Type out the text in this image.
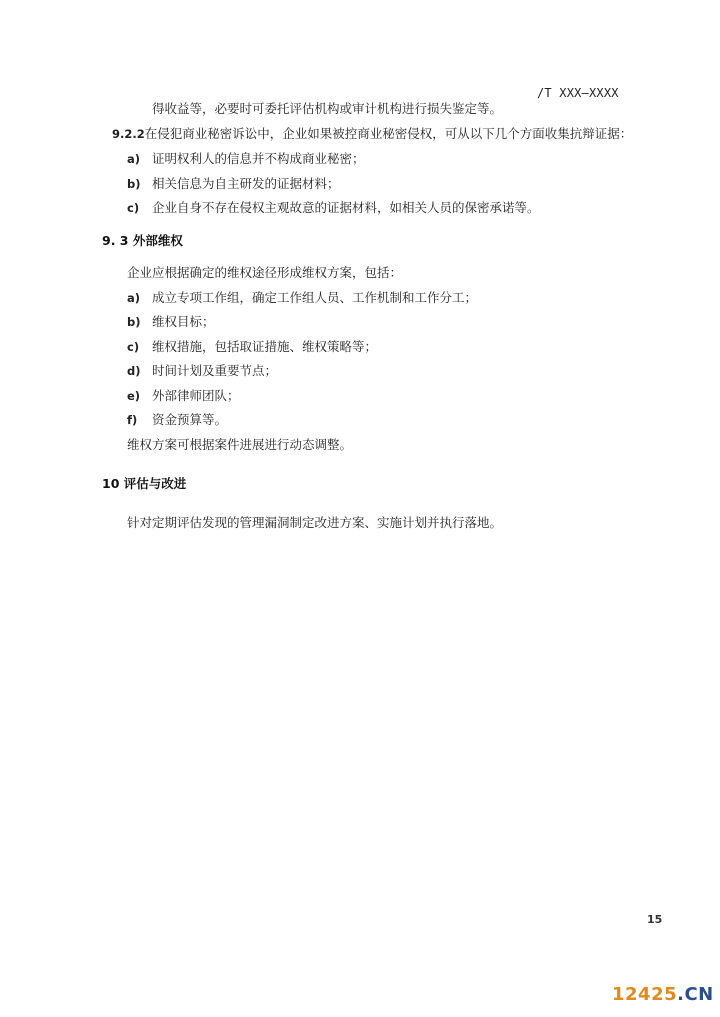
/T XXX—XXXX
得收益等，必要时可委托评估机构或审计机构进行损失鉴定等。
9.2.2在侵犯商业秘密诉讼中，企业如果被控商业秘密侵权，可从以下几个方面收集抗辩证据：
a) 证明权利人的信息并不构成商业秘密；
b) 相关信息为自主研发的证据材料；
c) 企业自身不存在侵权主观故意的证据材料，如相关人员的保密承诺等。
9. 3 外部维权
企业应根据确定的维权途径形成维权方案，包括：
a) 成立专项工作组，确定工作组人员、工作机制和工作分工；
b) 维权目标；
c) 维权措施，包括取证措施、维权策略等；
d) 时间计划及重要节点；
e) 外部律师团队；
f) 资金预算等。
维权方案可根据案件进展进行动态调整。
10 评估与改进
针对定期评估发现的管理漏洞制定改进方案、实施计划并执行落地。
15
12425.CN
